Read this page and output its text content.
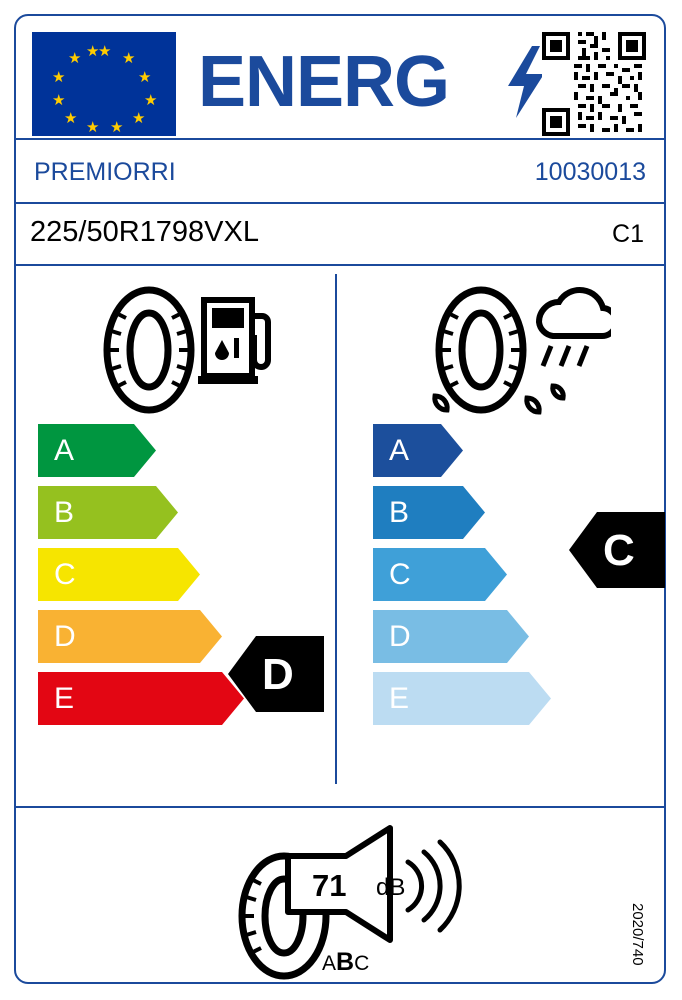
★ ★
★
★
★
★
★
★
★
★
★ ★ ENERG
PREMIORRI	10030013
225/50R1798VXL	C1
A
B
C
D
E	D
A
B
C
D
E
C
71 dB
ABC	2020/740
